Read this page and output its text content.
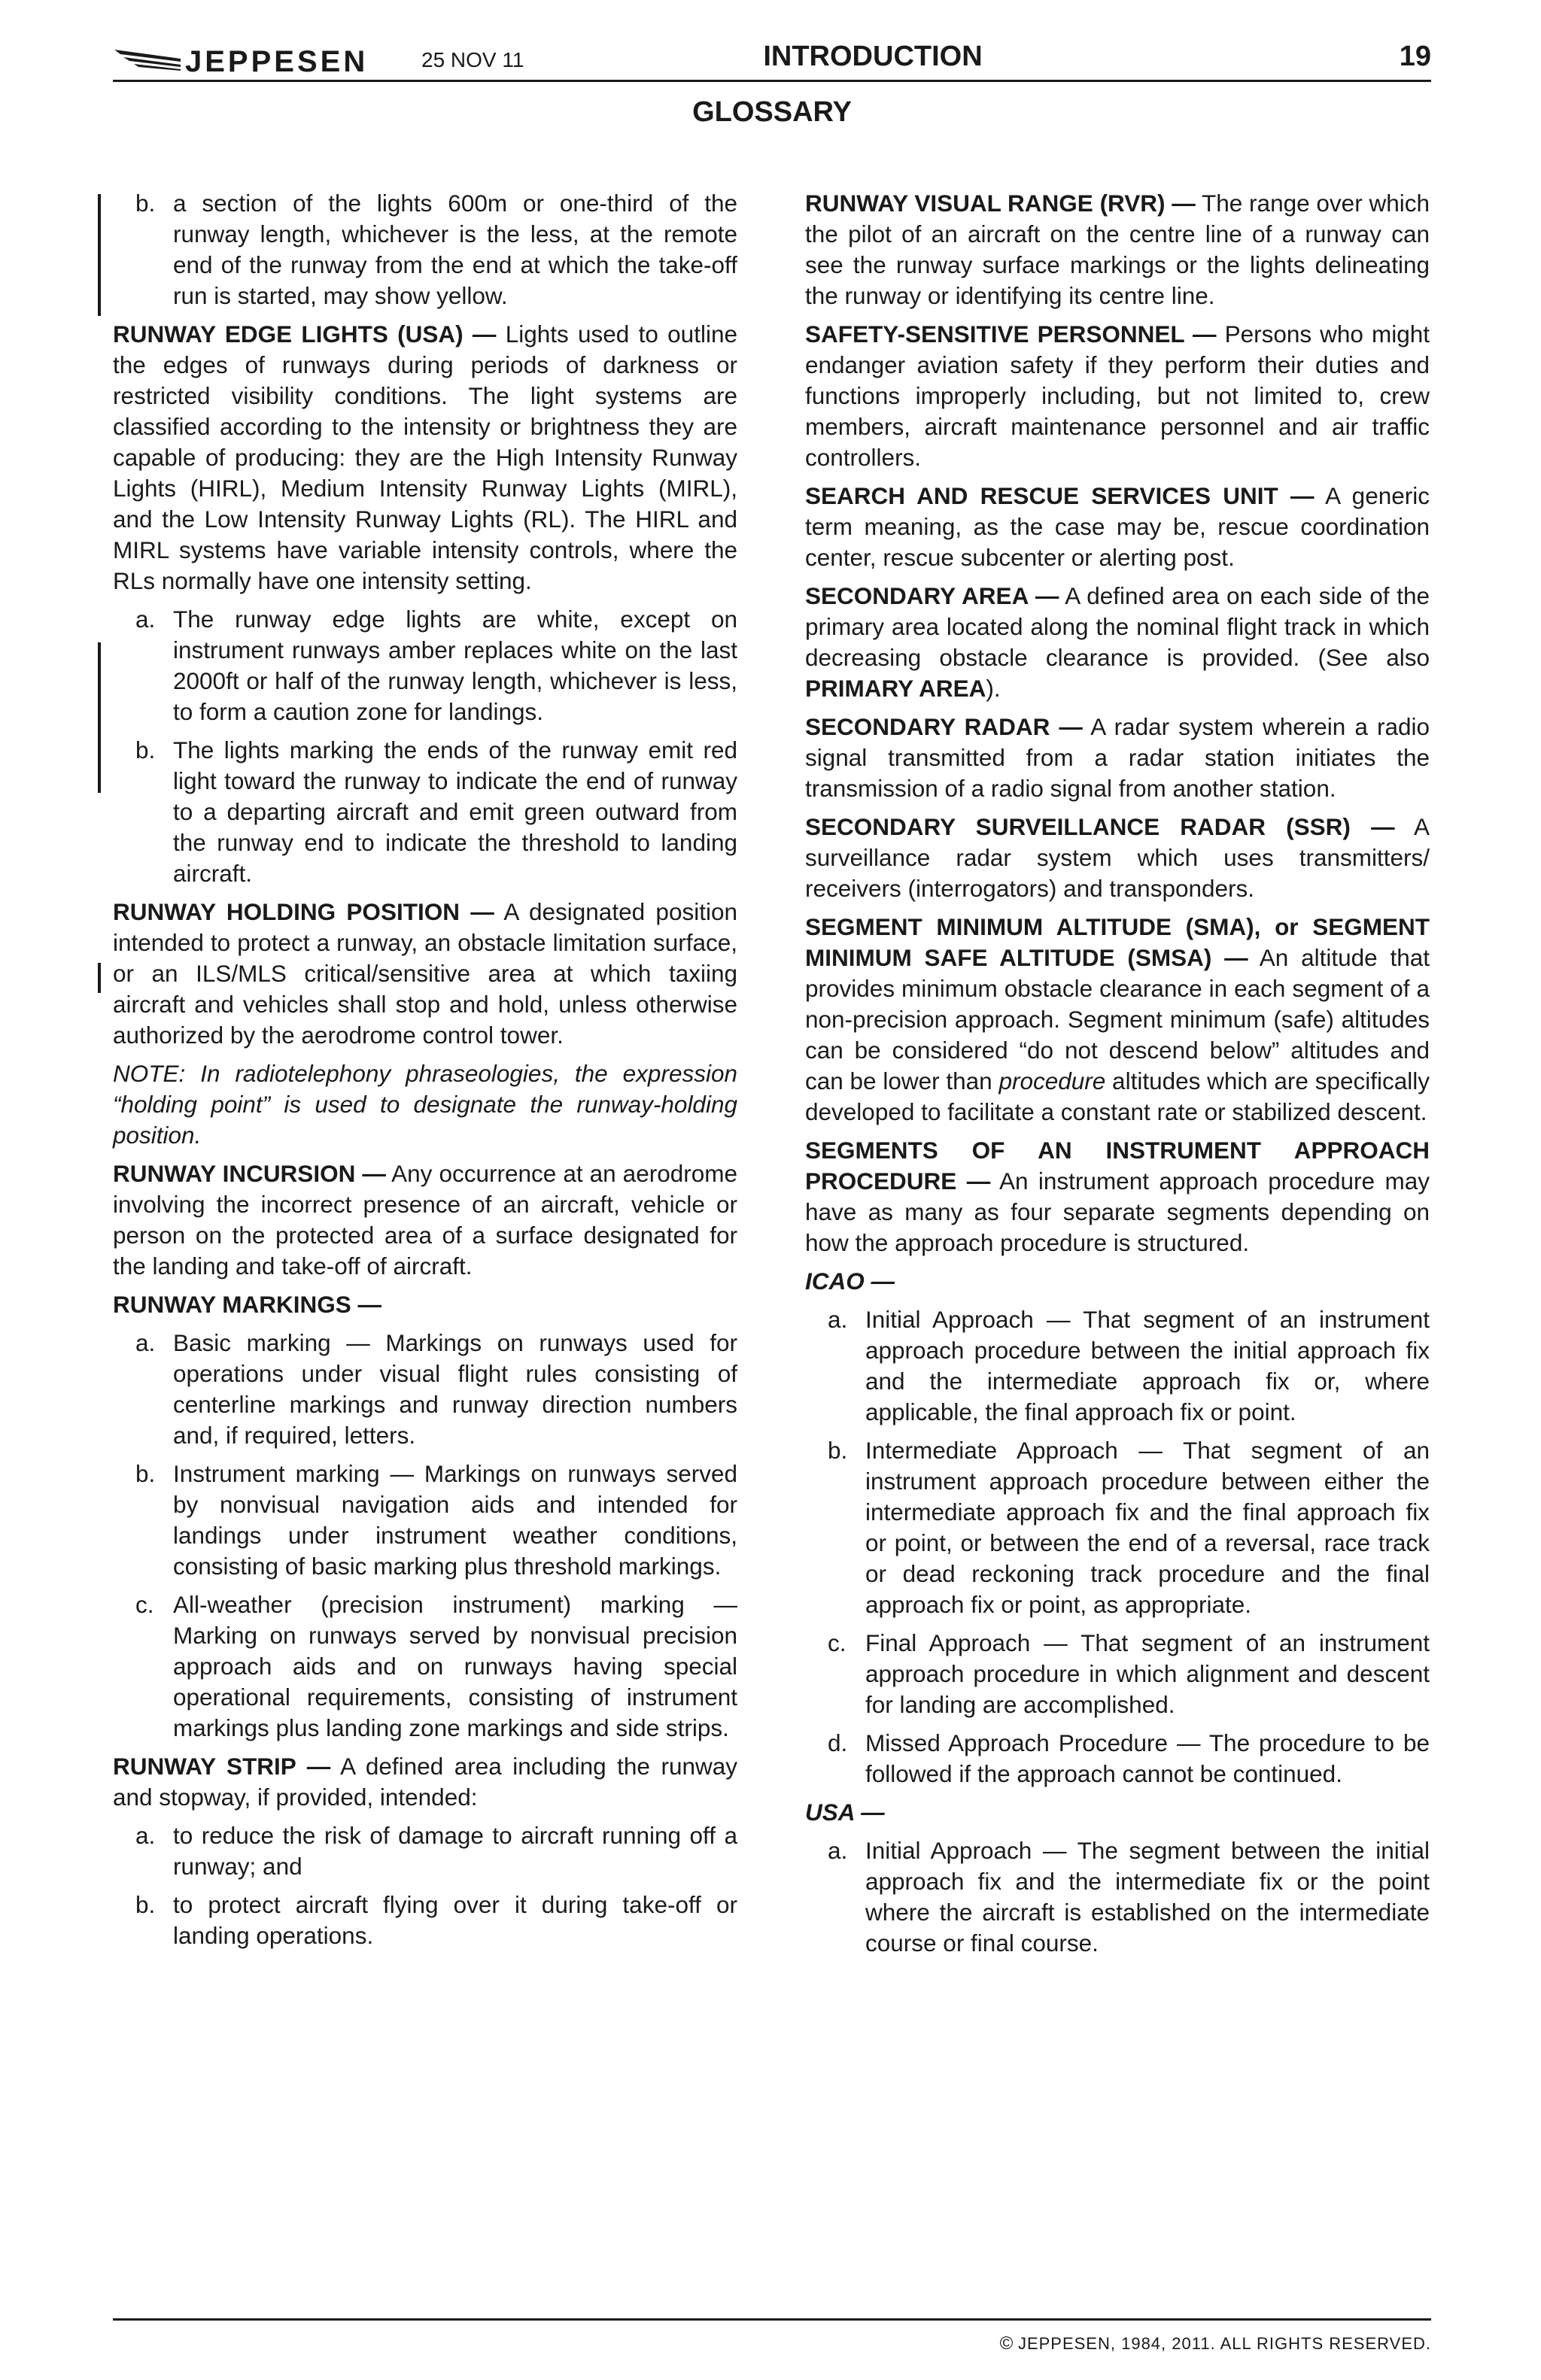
JEPPESEN	25 NOV 11	INTRODUCTION	19
GLOSSARY
b. a section of the lights 600m or one-third of the runway length, whichever is the less, at the remote end of the runway from the end at which the take-off run is started, may show yellow.

RUNWAY EDGE LIGHTS (USA) — Lights used to outline the edges of runways during periods of darkness or restricted visibility conditions. The light systems are classified according to the intensity or brightness they are capable of producing: they are the High Intensity Runway Lights (HIRL), Medium Intensity Runway Lights (MIRL), and the Low Intensity Runway Lights (RL). The HIRL and MIRL systems have variable intensity controls, where the RLs normally have one intensity setting.

a. The runway edge lights are white, except on instrument runways amber replaces white on the last 2000ft or half of the runway length, whichever is less, to form a caution zone for landings.
b. The lights marking the ends of the runway emit red light toward the runway to indicate the end of runway to a departing aircraft and emit green outward from the runway end to indicate the threshold to landing aircraft.

RUNWAY HOLDING POSITION — A designated position intended to protect a runway, an obstacle limitation surface, or an ILS/MLS critical/sensitive area at which taxiing aircraft and vehicles shall stop and hold, unless otherwise authorized by the aerodrome control tower.

NOTE: In radiotelephony phraseologies, the expression “holding point” is used to designate the runway-holding position.

RUNWAY INCURSION — Any occurrence at an aerodrome involving the incorrect presence of an aircraft, vehicle or person on the protected area of a surface designated for the landing and take-off of aircraft.

RUNWAY MARKINGS —

a. Basic marking — Markings on runways used for operations under visual flight rules consisting of centerline markings and runway direction numbers and, if required, letters.
b. Instrument marking — Markings on runways served by nonvisual navigation aids and intended for landings under instrument weather conditions, consisting of basic marking plus threshold markings.
c. All-weather (precision instrument) marking — Marking on runways served by nonvisual precision approach aids and on runways having special operational requirements, consisting of instrument markings plus landing zone markings and side strips.

RUNWAY STRIP — A defined area including the runway and stopway, if provided, intended:

a. to reduce the risk of damage to aircraft running off a runway; and
b. to protect aircraft flying over it during take-off or landing operations.

RUNWAY VISUAL RANGE (RVR) — The range over which the pilot of an aircraft on the centre line of a runway can see the runway surface markings or the lights delineating the runway or identifying its centre line.

SAFETY-SENSITIVE PERSONNEL — Persons who might endanger aviation safety if they perform their duties and functions improperly including, but not limited to, crew members, aircraft maintenance personnel and air traffic controllers.

SEARCH AND RESCUE SERVICES UNIT — A generic term meaning, as the case may be, rescue coordination center, rescue subcenter or alerting post.

SECONDARY AREA — A defined area on each side of the primary area located along the nominal flight track in which decreasing obstacle clearance is provided. (See also PRIMARY AREA).

SECONDARY RADAR — A radar system wherein a radio signal transmitted from a radar station initiates the transmission of a radio signal from another station.

SECONDARY SURVEILLANCE RADAR (SSR) — A surveillance radar system which uses transmitters/ receivers (interrogators) and transponders.

SEGMENT MINIMUM ALTITUDE (SMA), or SEGMENT MINIMUM SAFE ALTITUDE (SMSA) — An altitude that provides minimum obstacle clearance in each segment of a non-precision approach. Segment minimum (safe) altitudes can be considered “do not descend below” altitudes and can be lower than procedure altitudes which are specifically developed to facilitate a constant rate or stabilized descent.

SEGMENTS OF AN INSTRUMENT APPROACH PROCEDURE — An instrument approach procedure may have as many as four separate segments depending on how the approach procedure is structured.

ICAO —

a. Initial Approach — That segment of an instrument approach procedure between the initial approach fix and the intermediate approach fix or, where applicable, the final approach fix or point.
b. Intermediate Approach — That segment of an instrument approach procedure between either the intermediate approach fix and the final approach fix or point, or between the end of a reversal, race track or dead reckoning track procedure and the final approach fix or point, as appropriate.
c. Final Approach — That segment of an instrument approach procedure in which alignment and descent for landing are accomplished.
d. Missed Approach Procedure — The procedure to be followed if the approach cannot be continued.

USA —

a. Initial Approach — The segment between the initial approach fix and the intermediate fix or the point where the aircraft is established on the intermediate course or final course.
© JEPPESEN, 1984, 2011. ALL RIGHTS RESERVED.
